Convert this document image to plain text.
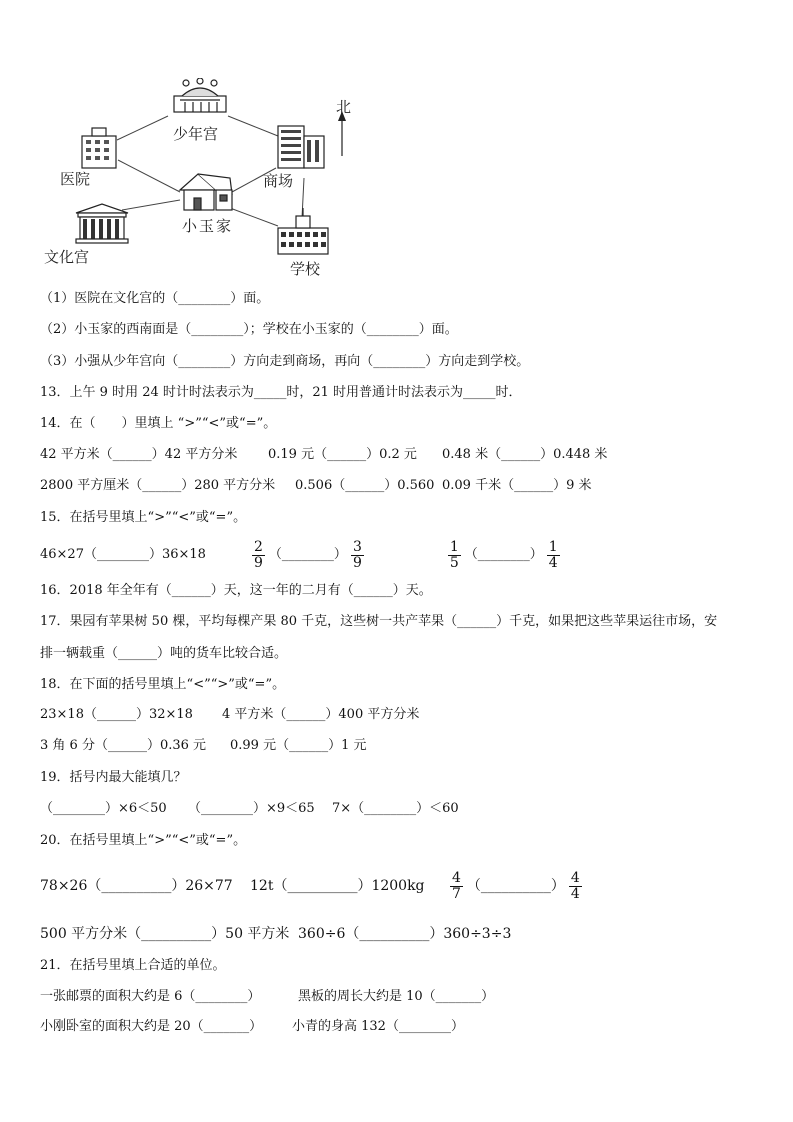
北
少年宫
医院	商场
小玉家
文化宫
学校
（1）医院在文化宫的（________）面。
（2）小玉家的西南面是（________）；学校在小玉家的（________）面。
（3）小强从少年宫向（________）方向走到商场，再向（________）方向走到学校。
13．上午 9 时用 24 时计时法表示为_____时，21 时用普通计时法表示为_____时．
14．在（　　）里填上 “>”“<”或“=”。
42 平方米（______）42 平方分米 0.19 元（______）0.2 元 0.48 米（______）0.448 米
2800 平方厘米（______）280 平方分米 0.506（______）0.560 0.09 千米（______）9 米
15．在括号里填上“>”“<”或“=”。
46×27（________）36×18	$\frac{2}{9}$ （________） $\frac{3}{9}$	$\frac{1}{5}$ （________） $\frac{1}{4}$
16．2018 年全年有（______）天，这一年的二月有（______）天。
17．果园有苹果树 50 棵，平均每棵产果 80 千克，这些树一共产苹果（______）千克，如果把这些苹果运往市场，安
排一辆载重（______）吨的货车比较合适。
18．在下面的括号里填上“<”“>”或“=”。
23×18（______）32×18 4 平方米（______）400 平方分米
3 角 6 分（______）0.36 元 0.99 元（______）1 元
19．括号内最大能填几？
（________）×6＜50 （________）×9＜65 7×（________）＜60
20．在括号里填上“>”“<”或“=”。
78×26（__________）26×77	12t（__________）1200kg	$\frac{4}{7}$ （__________） $\frac{4}{4}$
500 平方分米（__________）50 平方米 360÷6（__________）360÷3÷3
21．在括号里填上合适的单位。
一张邮票的面积大约是 6（________）	黑板的周长大约是 10（_______）
小刚卧室的面积大约是 20（_______） 小青的身高 132（________）
